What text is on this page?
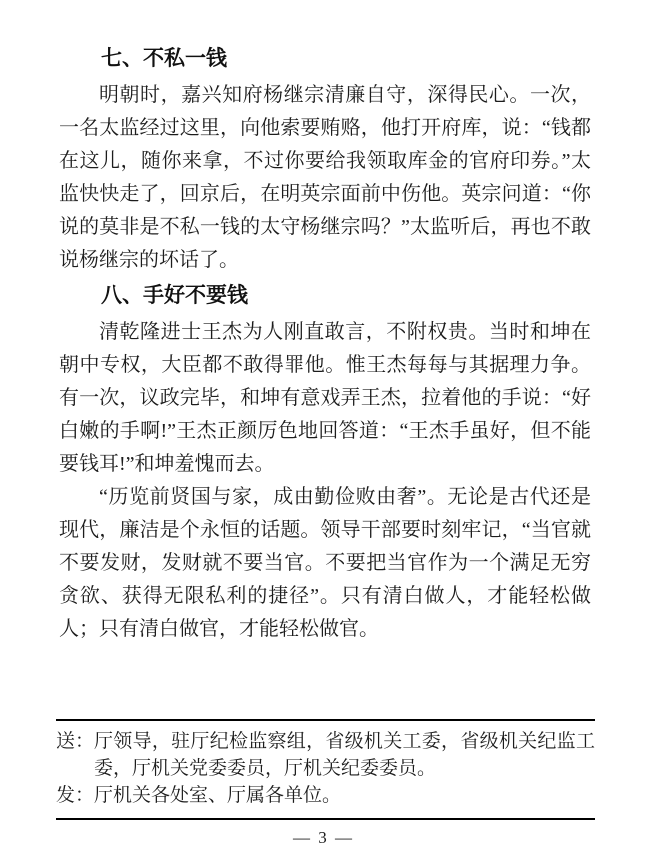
七、不私一钱

明朝时，嘉兴知府杨继宗清廉自守，深得民心。一次，一名太监经过这里，向他索要贿赂，他打开府库，说：“钱都在这儿，随你来拿，不过你要给我领取库金的官府印券。”太监快快走了，回京后，在明英宗面前中伤他。英宗问道：“你说的莫非是不私一钱的太守杨继宗吗？”太监听后，再也不敢说杨继宗的坏话了。

八、手好不要钱

清乾隆进士王杰为人刚直敢言，不附权贵。当时和坤在朝中专权，大臣都不敢得罪他。惟王杰每每与其据理力争。有一次，议政完毕，和坤有意戏弄王杰，拉着他的手说：“好白嫩的手啊!”王杰正颜厉色地回答道：“王杰手虽好，但不能要钱耳!”和坤羞愧而去。

“历览前贤国与家，成由勤俭败由奢”。无论是古代还是现代，廉洁是个永恒的话题。领导干部要时刻牢记，“当官就不要发财，发财就不要当官。不要把当官作为一个满足无穷贪欲、获得无限私利的捷径”。只有清白做人，才能轻松做人；只有清白做官，才能轻松做官。

送： 厅领导，驻厅纪检监察组，省级机关工委，省级机关纪监工委，厅机关党委委员，厅机关纪委委员。
发： 厅机关各处室、厅属各单位。
— 3 —
